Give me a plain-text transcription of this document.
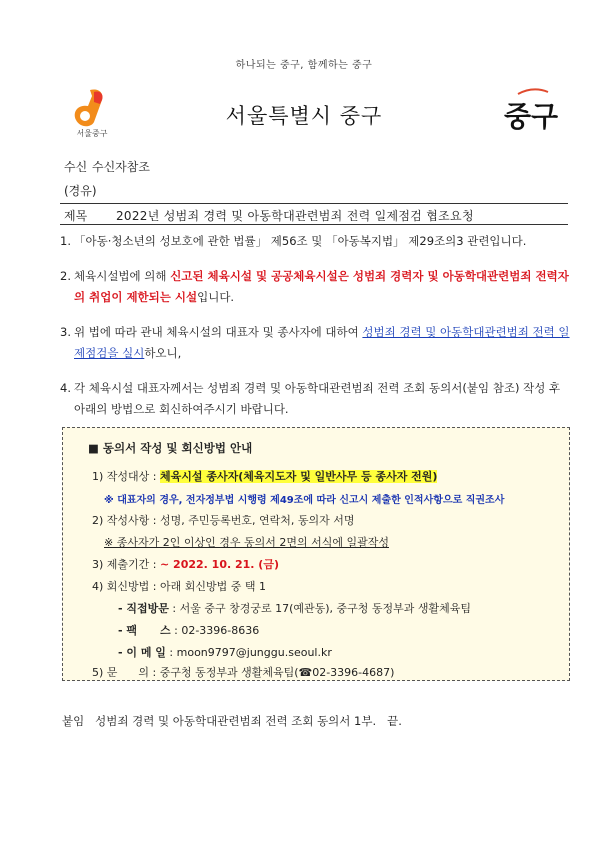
하나되는 중구, 함께하는 중구
서울중구
서울특별시 중구	중구
수신 수신자참조
(경유)
제목 2022년 성범죄 경력 및 아동학대관련범죄 전력 일제점검 협조요청
1. 「아동·청소년의 성보호에 관한 법률」 제56조 및 「아동복지법」 제29조의3 관련입니다.
2. 체육시설법에 의해 신고된 체육시설 및 공공체육시설은 성범죄 경력자 및 아동학대관련범죄 전력자의 취업이 제한되는 시설입니다.
3. 위 법에 따라 관내 체육시설의 대표자 및 종사자에 대하여 성범죄 경력 및 아동학대관련범죄 전력 일제점검을 실시하오니,
4. 각 체육시설 대표자께서는 성범죄 경력 및 아동학대관련범죄 전력 조회 동의서(붙임 참조) 작성 후 아래의 방법으로 회신하여주시기 바랍니다.
■ 동의서 작성 및 회신방법 안내
1) 작성대상 : 체육시설 종사자(체육지도자 및 일반사무 등 종사자 전원)
※ 대표자의 경우, 전자정부법 시행령 제49조에 따라 신고시 제출한 인적사항으로 직권조사
2) 작성사항 : 성명, 주민등록번호, 연락처, 동의자 서명
※ 종사자가 2인 이상인 경우 동의서 2면의 서식에 일괄작성
3) 제출기간 : ~ 2022. 10. 21. (금)
4) 회신방법 : 아래 회신방법 중 택 1
- 직접방문 : 서울 중구 창경궁로 17(예관동), 중구청 동정부과 생활체육팀
- 팩      스 : 02-3396-8636
- 이 메 일 : moon9797@junggu.seoul.kr
5) 문      의 : 중구청 동정부과 생활체육팀(☎02-3396-4687)
붙임   성범죄 경력 및 아동학대관련범죄 전력 조회 동의서 1부.   끝.
